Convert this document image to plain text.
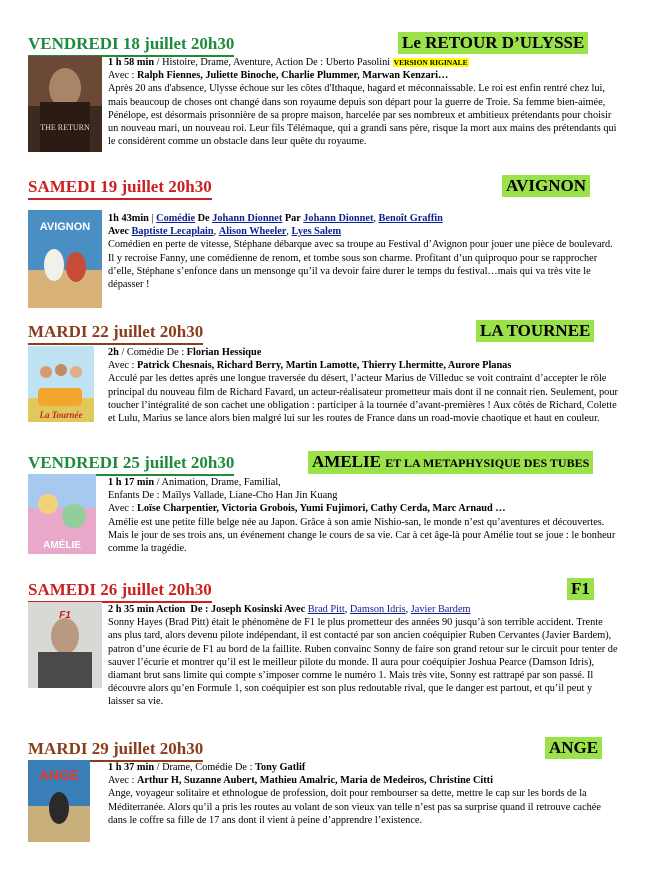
VENDREDI 18 juillet 20h30	Le RETOUR D’ULYSSE
THE RETURN

1 h 58 min / Histoire, Drame, Aventure, Action De : Uberto Pasolini VERSION RIGINALE

Avec : Ralph Fiennes, Juliette Binoche, Charlie Plummer, Marwan Kenzari…

Après 20 ans d'absence, Ulysse échoue sur les côtes d'Ithaque, hagard et méconnaissable. Le roi est enfin rentré chez lui, mais beaucoup de choses ont changé dans son royaume depuis son départ pour la guerre de Troie. Sa femme bien-aimée, Pénélope, est désormais prisonnière de sa propre maison, harcelée par ses nombreux et ambitieux prétendants pour choisir un nouveau mari, un nouveau roi. Leur fils Télémaque, qui a grandi sans père, risque la mort aux mains des prétendants qui le considèrent comme un obstacle dans leur quête du royaume.

SAMEDI 19 juillet 20h30	AVIGNON
AVIGNON

1h 43min | Comédie De Johann Dionnet Par Johann Dionnet, Benoît Graffin

Avec Baptiste Lecaplain, Alison Wheeler, Lyes Salem

Comédien en perte de vitesse, Stéphane débarque avec sa troupe au Festival d’Avignon pour jouer une pièce de boulevard. Il y recroise Fanny, une comédienne de renom, et tombe sous son charme. Profitant d’un quiproquo pour se rapprocher d’elle, Stéphane s’enfonce dans un mensonge qu’il va devoir faire durer le temps du festival…mais qui va très vite le dépasser !

MARDI 22 juillet 20h30	LA TOURNEE
La Tournée

2h / Comédie De : Florian Hessique

Avec : Patrick Chesnais, Richard Berry, Martin Lamotte, Thierry Lhermitte, Aurore Planas

Acculé par les dettes après une longue traversée du désert, l’acteur Marius de Villeduc se voit contraint d’accepter le rôle principal du nouveau film de Richard Favard, un acteur-réalisateur prometteur mais dont il ne connait rien. Seulement, pour toucher l’intégralité de son cachet une obligation : participer à la tournée d’avant-premières ! Aux côtés de Richard, Colette et Lulu, Marius se lance alors bien malgré lui sur les routes de France dans un road-movie chaotique et haut en couleur.

VENDREDI 25 juillet 20h30	AMELIE ET LA METAPHYSIQUE DES TUBES
AMÉLIE

1 h 17 min / Animation, Drame, Familial,

Enfants De : Maïlys Vallade, Liane-Cho Han Jin Kuang

Avec : Loïse Charpentier, Victoria Grobois, Yumi Fujimori, Cathy Cerda, Marc Arnaud …

Amélie est une petite fille belge née au Japon. Grâce à son amie Nishio-san, le monde n’est qu’aventures et découvertes. Mais le jour de ses trois ans, un événement change le cours de sa vie. Car à cet âge-là pour Amélie tout se joue : le bonheur comme la tragédie.

SAMEDI 26 juillet 20h30	F1
F1

2 h 35 min Action  De : Joseph Kosinski Avec Brad Pitt, Damson Idris, Javier Bardem

Sonny Hayes (Brad Pitt) était le phénomène de F1 le plus prometteur des années 90 jusqu’à son terrible accident. Trente ans plus tard, alors devenu pilote indépendant, il est contacté par son ancien coéquipier Ruben Cervantes (Javier Bardem), patron d’une écurie de F1 au bord de la faillite. Ruben convainc Sonny de faire son grand retour sur le circuit pour tenter de sauver l’écurie et montrer qu’il est le meilleur pilote du monde. Il aura pour coéquipier Joshua Pearce (Damson Idris), diamant brut sans limite qui compte s’imposer comme le numéro 1. Mais très vite, Sonny est rattrapé par son passé. Il découvre alors qu’en Formule 1, son coéquipier est son plus redoutable rival, que le danger est partout, et qu’il peut y laisser sa vie.

MARDI 29 juillet 20h30	ANGE
ANGE	1 h 37 min / Drame, Comédie De : Tony Gatlif

Avec : Arthur H, Suzanne Aubert, Mathieu Amalric, Maria de Medeiros, Christine Citti

Ange, voyageur solitaire et ethnologue de profession, doit pour rembourser sa dette, mettre le cap sur les bords de la Méditerranée. Alors qu’il a pris les routes au volant de son vieux van telle n’est pas sa surprise quand il retrouve cachée dans le coffre sa fille de 17 ans dont il vient à peine d’apprendre l’existence.
